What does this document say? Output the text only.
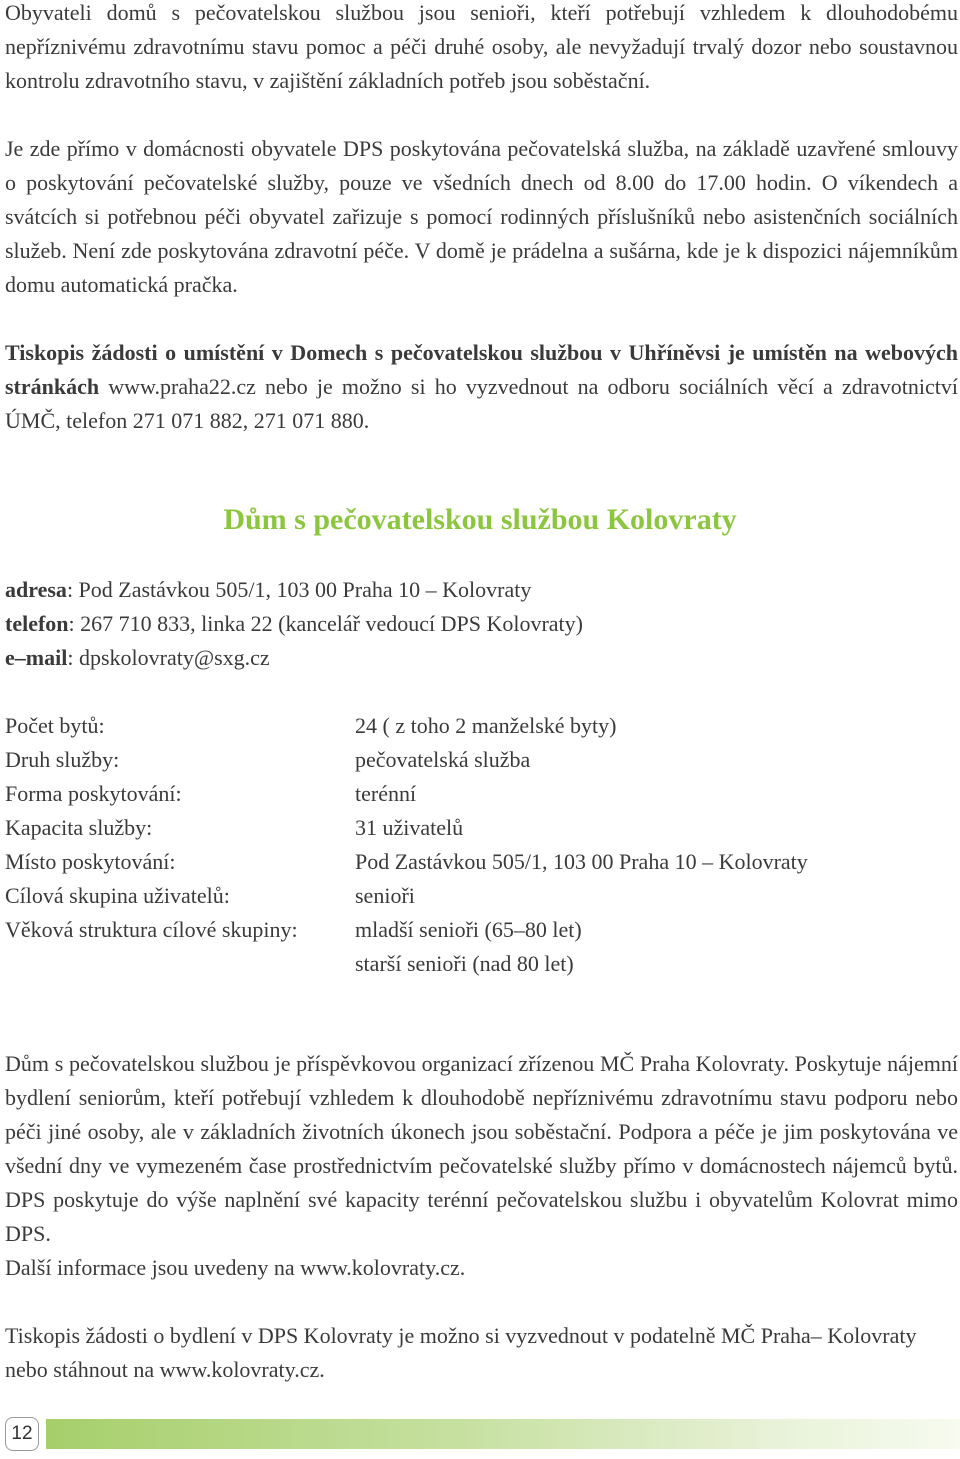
Obyvateli domů s pečovatelskou službou jsou senioři, kteří potřebují vzhledem k dlouhodobému nepříznivému zdravotnímu stavu pomoc a péči druhé osoby, ale nevyžadují trvalý dozor nebo soustavnou kontrolu zdravotního stavu, v zajištění základních potřeb jsou soběstační.

Je zde přímo v domácnosti obyvatele DPS poskytována pečovatelská služba, na základě uzavřené smlouvy o poskytování pečovatelské služby, pouze ve všedních dnech od 8.00 do 17.00 hodin. O víkendech a svátcích si potřebnou péči obyvatel zařizuje s pomocí rodinných příslušníků nebo asistenčních sociálních služeb. Není zde poskytována zdravotní péče. V domě je prádelna a sušárna, kde je k dispozici nájemníkům domu automatická pračka.

Tiskopis žádosti o umístění v Domech s pečovatelskou službou v Uhříněvsi je umístěn na webových stránkách www.praha22.cz nebo je možno si ho vyzvednout na odboru sociálních věcí a zdravotnictví ÚMČ, telefon 271 071 882, 271 071 880.

Dům s pečovatelskou službou Kolovraty
adresa: Pod Zastávkou 505/1, 103 00 Praha 10 – Kolovraty
telefon: 267 710 833, linka 22 (kancelář vedoucí DPS Kolovraty)
e–mail: dpskolovraty@sxg.cz
Počet bytů:	24 ( z toho 2 manželské byty)
Druh služby:	pečovatelská služba
Forma poskytování:	terénní
Kapacita služby:	31 uživatelů
Místo poskytování:	Pod Zastávkou 505/1, 103 00 Praha 10 – Kolovraty
Cílová skupina uživatelů:	senioři
Věková struktura cílové skupiny:	mladší senioři (65–80 let)
	starší senioři (nad 80 let)
Dům s pečovatelskou službou je příspěvkovou organizací zřízenou MČ Praha Kolovraty. Poskytuje nájemní bydlení seniorům, kteří potřebují vzhledem k dlouhodobě nepříznivému zdravotnímu stavu podporu nebo péči jiné osoby, ale v základních životních úkonech jsou soběstační. Podpora a péče je jim poskytována ve všední dny ve vymezeném čase prostřednictvím pečovatelské služby přímo v domácnostech nájemců bytů. DPS poskytuje do výše naplnění své kapacity terénní pečovatelskou službu i obyvatelům Kolovrat mimo DPS.
Další informace jsou uvedeny na www.kolovraty.cz.

Tiskopis žádosti o bydlení v DPS Kolovraty je možno si vyzvednout v podatelně MČ Praha– Kolovraty nebo stáhnout na www.kolovraty.cz.

12
